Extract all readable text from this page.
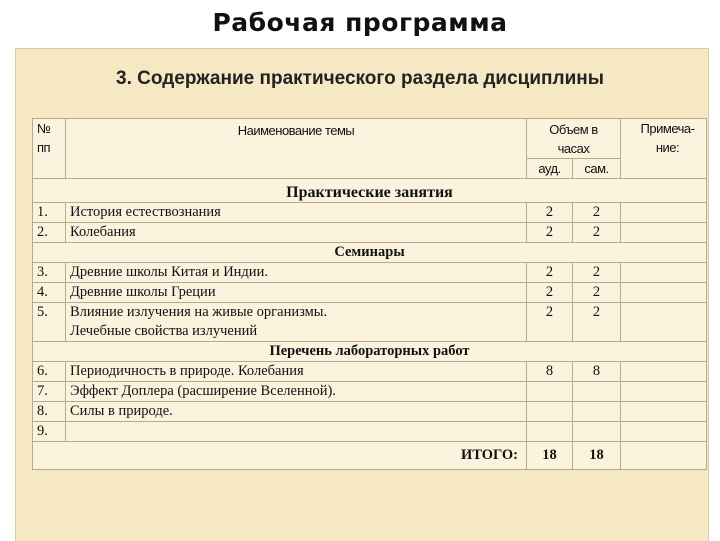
Рабочая программа
3. Содержание практического раздела дисциплины
№ пп	Наименование темы	Объем в часах		Примеча-ние:
		ауд.	сам.	

Практические занятия				
1.	История естествознания	2	2	
2.	Колебания	2	2	
Семинары				
3.	Древние школы Китая и Индии.	2	2	
4.	Древние школы Греции	2	2	
5.	Влияние излучения на живые организмы.
Лечебные свойства излучений	2	2	
Перечень лабораторных работ				
6.	Периодичность в природе. Колебания	8	8	
7.	Эффект Доплера (расширение Вселенной).			
8.	Силы в природе.			
9.				
ИТОГО:		18	18	
